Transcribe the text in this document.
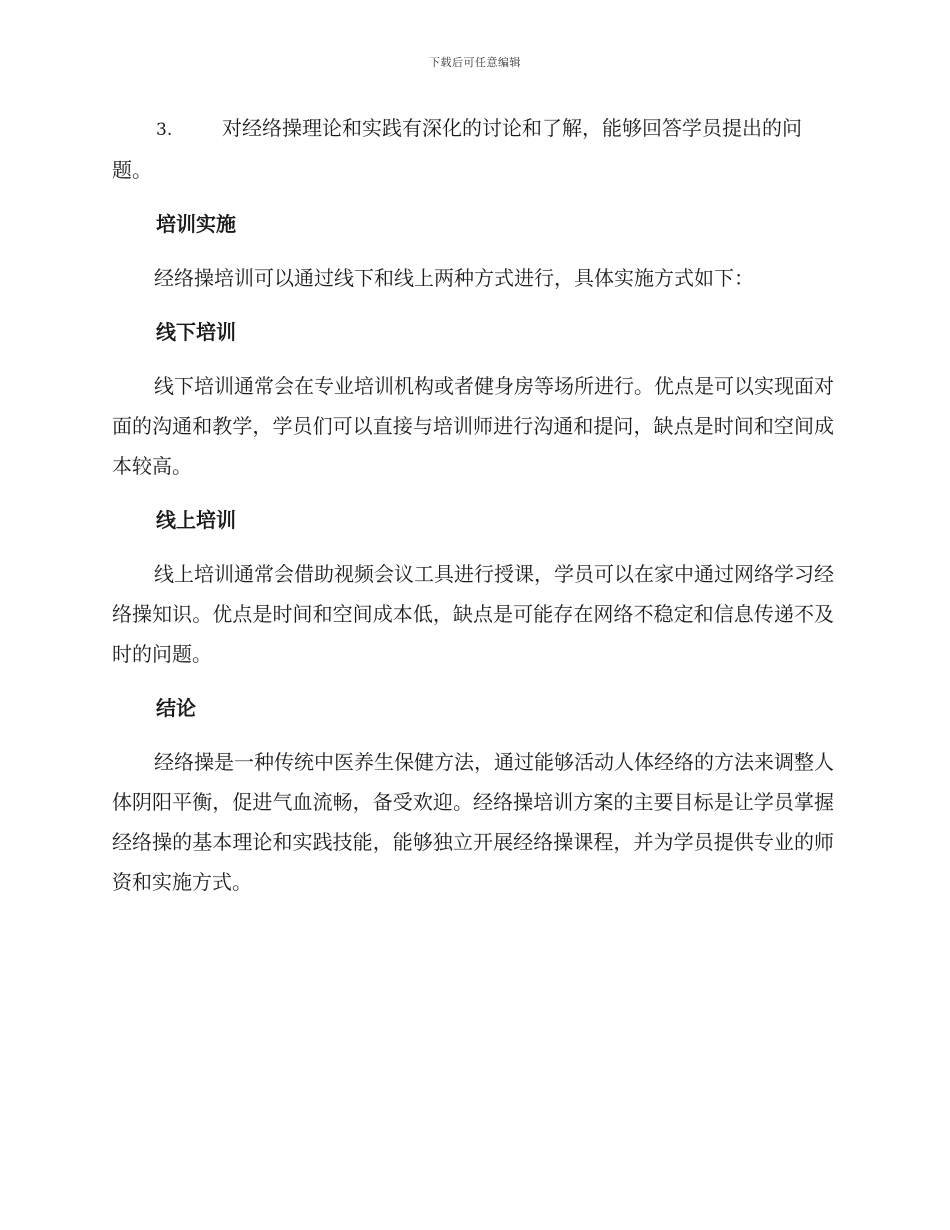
下载后可任意编辑

3. 对经络操理论和实践有深化的讨论和了解，能够回答学员提出的问题。

培训实施

经络操培训可以通过线下和线上两种方式进行，具体实施方式如下：

线下培训

线下培训通常会在专业培训机构或者健身房等场所进行。优点是可以实现面对面的沟通和教学，学员们可以直接与培训师进行沟通和提问，缺点是时间和空间成本较高。

线上培训

线上培训通常会借助视频会议工具进行授课，学员可以在家中通过网络学习经络操知识。优点是时间和空间成本低，缺点是可能存在网络不稳定和信息传递不及时的问题。

结论

经络操是一种传统中医养生保健方法，通过能够活动人体经络的方法来调整人体阴阳平衡，促进气血流畅，备受欢迎。经络操培训方案的主要目标是让学员掌握经络操的基本理论和实践技能，能够独立开展经络操课程，并为学员提供专业的师资和实施方式。
